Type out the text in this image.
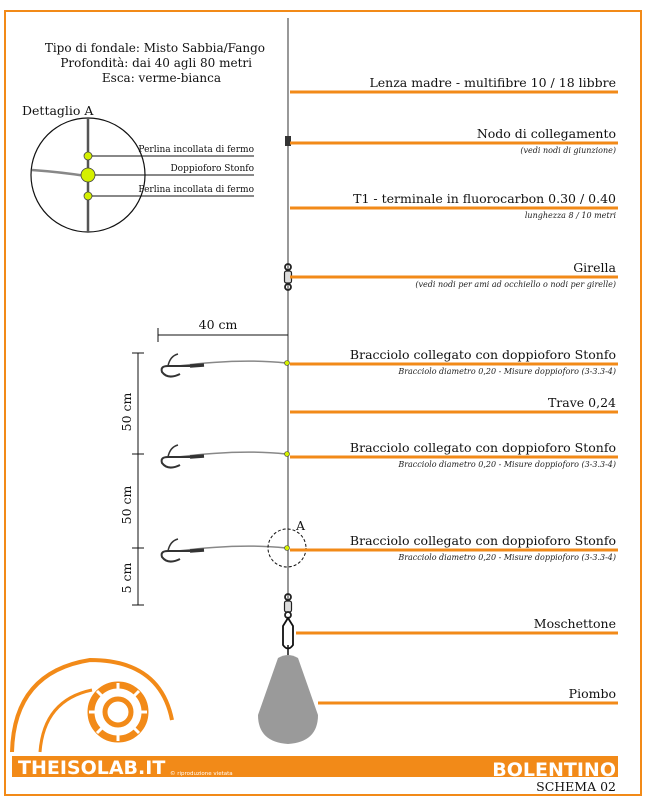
Tipo di fondale: Misto Sabbia/Fango
Profondità: dai 40 agli 80 metri
Esca: verme-bianca
Dettaglio A
Perlina incollata di fermo
Doppioforo Stonfo
Perlina incollata di fermo
A
40 cm
50 cm
50 cm
5 cm
Lenza madre - multifibre 10 / 18 libbre
Nodo di collegamento
(vedi nodi di giunzione)
T1 - terminale in fluorocarbon 0.30 / 0.40
lunghezza 8 / 10 metri
Girella
(vedi nodi per ami ad occhiello o nodi per girelle)
Bracciolo collegato con doppioforo Stonfo
Bracciolo diametro 0,20 - Misure doppioforo (3-3.3-4)
Trave 0,24
Bracciolo collegato con doppioforo Stonfo
Bracciolo diametro 0,20 - Misure doppioforo (3-3.3-4)
Bracciolo collegato con doppioforo Stonfo
Bracciolo diametro 0,20 - Misure doppioforo (3-3.3-4)
Moschettone
Piombo
THEISOLAB.IT © riproduzione vietata	BOLENTINO
SCHEMA 02
